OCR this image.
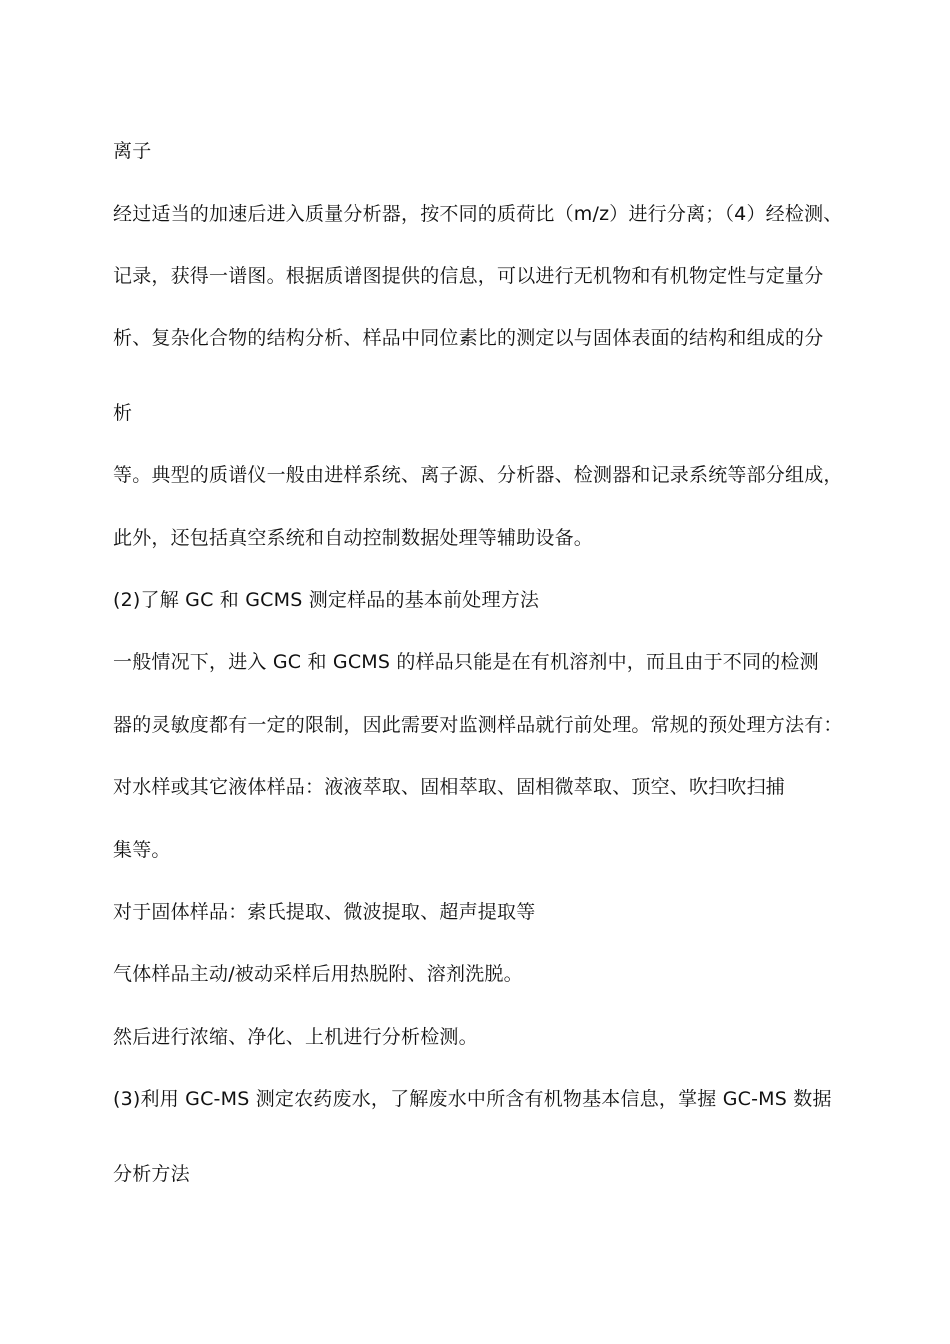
离子
经过适当的加速后进入质量分析器，按不同的质荷比（m/z）进行分离；（4）经检测、
记录，获得一谱图。根据质谱图提供的信息，可以进行无机物和有机物定性与定量分
析、复杂化合物的结构分析、样品中同位素比的测定以与固体表面的结构和组成的分
析
等。典型的质谱仪一般由进样系统、离子源、分析器、检测器和记录系统等部分组成，
此外，还包括真空系统和自动控制数据处理等辅助设备。
(2)了解 GC 和 GCMS 测定样品的基本前处理方法
一般情况下，进入 GC 和 GCMS 的样品只能是在有机溶剂中，而且由于不同的检测
器的灵敏度都有一定的限制，因此需要对监测样品就行前处理。常规的预处理方法有：
对水样或其它液体样品：液液萃取、固相萃取、固相微萃取、顶空、吹扫吹扫捕
集等。
对于固体样品：索氏提取、微波提取、超声提取等
气体样品主动/被动采样后用热脱附、溶剂洗脱。
然后进行浓缩、净化、上机进行分析检测。
(3)利用 GC-MS 测定农药废水，了解废水中所含有机物基本信息，掌握 GC-MS 数据
分析方法
